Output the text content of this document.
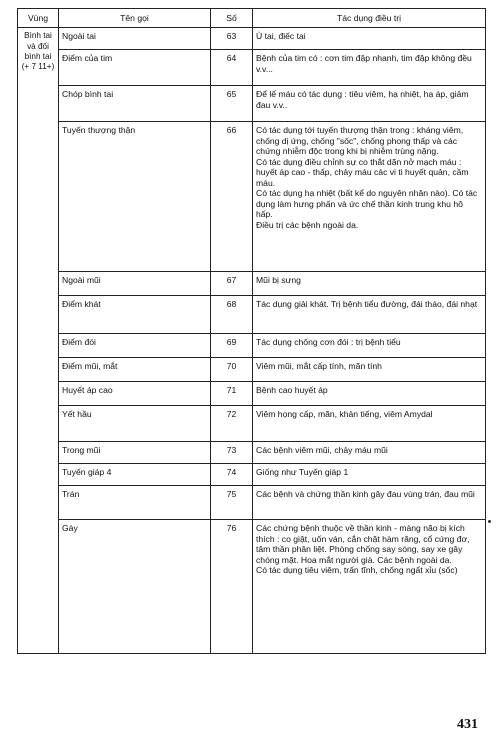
Vùng	Tên gọi	Số	Tác dụng điều trị
Bình tai và đối bình tai (+ 7 11+)	Ngoài tai	63	Ù tai, điếc tai

	Điểm của tim	64	Bệnh của tim có : cơn tim đập nhanh, tim đập không đều v.v...

	Chóp bình tai	65	Để lể máu có tác dụng : tiêu viêm, hạ nhiệt, hạ áp, giảm đau v.v..

	Tuyến thượng thận	66	Có tác dụng tới tuyến thượng thận trong : kháng viêm, chống dị ứng, chống "sốc", chống phong thấp và các chứng nhiễm độc trong khi bị nhiễm trùng nặng.

Có tác dụng điều chỉnh sự co thắt dãn nở mạch máu : huyết áp cao - thấp, chảy máu các vi ti huyết quản, cầm máu.

Có tác dụng hạ nhiệt (bất kể do nguyên nhân nào). Có tác dụng làm hưng phấn và ức chế thần kinh trung khu hô hấp.

Điều trị các bệnh ngoài da.

	Ngoài mũi	67	Mũi bị sưng

	Điểm khát	68	Tác dụng giải khát. Trị bệnh tiểu đường, đái tháo, đái nhạt

	Điểm đói	69	Tác dụng chống cơn đói : trị bệnh tiểu

	Điểm mũi, mắt	70	Viêm mũi, mắt cấp tính, mãn tính

	Huyết áp cao	71	Bệnh cao huyết áp

	Yết hầu	72	Viêm họng cấp, mãn, khản tiếng, viêm Amydal

	Trong mũi	73	Các bệnh viêm mũi, chảy máu mũi

	Tuyến giáp 4	74	Giống như Tuyến giáp 1

	Trán	75	Các bệnh và chứng thần kinh gây đau vùng trán, đau mũi

	Gáy	76	Các chứng bệnh thuộc về thần kinh - màng não bị kích thích : co giật, uốn ván, cắn chặt hàm răng, cổ cứng đơ, tâm thần phân liệt. Phòng chống say sóng, say xe gây chóng mặt. Hoa mắt người già. Các bệnh ngoài da.

Có tác dụng tiêu viêm, trấn tĩnh, chống ngất xỉu (sốc)

431
